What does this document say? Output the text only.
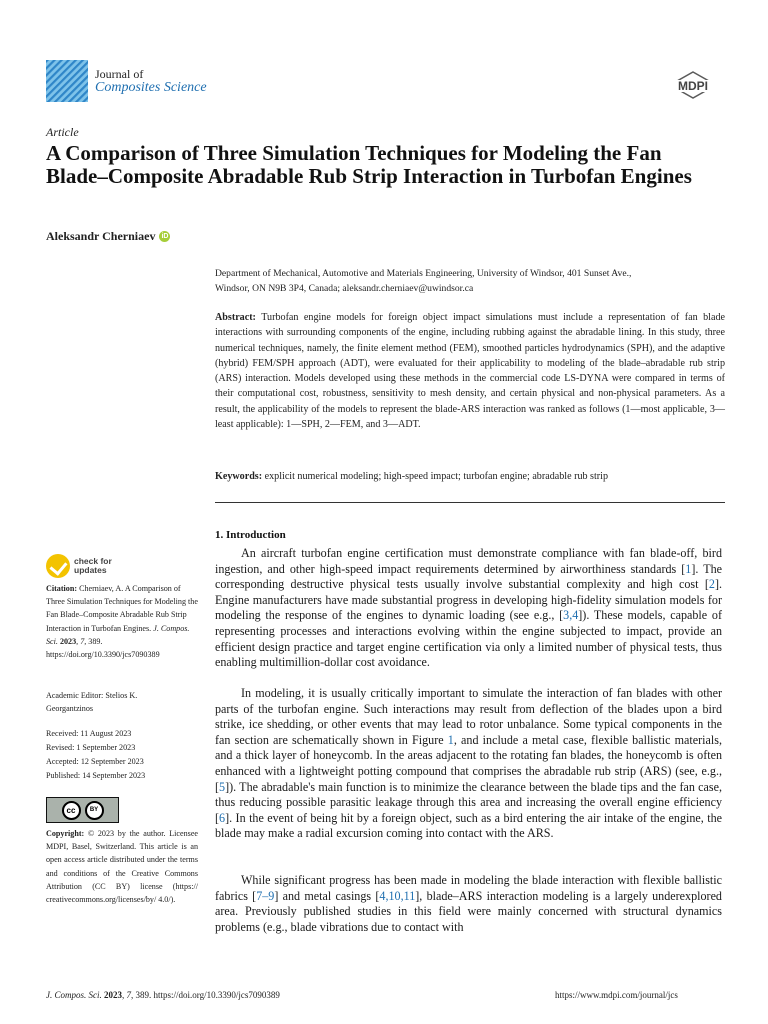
Journal of
Composites Science	MDPI
Article
A Comparison of Three Simulation Techniques for Modeling the Fan Blade–Composite Abradable Rub Strip Interaction in Turbofan Engines
Aleksandr Cherniaev iD
Department of Mechanical, Automotive and Materials Engineering, University of Windsor, 401 Sunset Ave.,
Windsor, ON N9B 3P4, Canada; aleksandr.cherniaev@uwindsor.ca
Abstract: Turbofan engine models for foreign object impact simulations must include a representation of fan blade interactions with surrounding components of the engine, including rubbing against the abradable lining. In this study, three numerical techniques, namely, the finite element method (FEM), smoothed particles hydrodynamics (SPH), and the adaptive (hybrid) FEM/SPH approach (ADT), were evaluated for their applicability to modeling of the blade–abradable rub strip (ARS) interaction. Models developed using these methods in the commercial code LS-DYNA were compared in terms of their computational cost, robustness, sensitivity to mesh density, and certain physical and non-physical parameters. As a result, the applicability of the models to represent the blade-ARS interaction was ranked as follows (1—most applicable, 3—least applicable): 1—SPH, 2—FEM, and 3—ADT.
Keywords: explicit numerical modeling; high-speed impact; turbofan engine; abradable rub strip
check for
updates
Citation: Cherniaev, A. A Comparison of Three Simulation Techniques for Modeling the Fan Blade–Composite Abradable Rub Strip Interaction in Turbofan Engines. J. Compos. Sci. 2023, 7, 389. https://doi.org/10.3390/jcs7090389
Academic Editor: Stelios K. Georgantzinos
Received: 11 August 2023
Revised: 1 September 2023
Accepted: 12 September 2023
Published: 14 September 2023
cc	BY
Copyright: © 2023 by the author. Licensee MDPI, Basel, Switzerland. This article is an open access article distributed under the terms and conditions of the Creative Commons Attribution (CC BY) license (https:// creativecommons.org/licenses/by/ 4.0/).
1. Introduction
An aircraft turbofan engine certification must demonstrate compliance with fan blade-off, bird ingestion, and other high-speed impact requirements determined by airworthiness standards [1]. The corresponding destructive physical tests usually involve substantial complexity and high cost [2]. Engine manufacturers have made substantial progress in developing high-fidelity simulation models for modeling the response of the engines to dynamic loading (see e.g., [3,4]). These models, capable of representing processes and interactions evolving within the engine subjected to impact, provide an efficient design practice and target engine certification via only a limited number of physical tests, thus enabling multimillion-dollar cost avoidance.
In modeling, it is usually critically important to simulate the interaction of fan blades with other parts of the turbofan engine. Such interactions may result from deflection of the blades upon a bird strike, ice shedding, or other events that may lead to rotor unbalance. Some typical components in the fan section are schematically shown in Figure 1, and include a metal case, flexible ballistic materials, and a thick layer of honeycomb. In the areas adjacent to the rotating fan blades, the honeycomb is often enhanced with a lightweight potting compound that comprises the abradable rub strip (ARS) (see, e.g., [5]). The abradable's main function is to minimize the clearance between the blade tips and the fan case, thus reducing possible parasitic leakage through this area and increasing the overall engine efficiency [6]. In the event of being hit by a foreign object, such as a bird entering the air intake of the engine, the blade may make a radial excursion coming into contact with the ARS.
While significant progress has been made in modeling the blade interaction with flexible ballistic fabrics [7–9] and metal casings [4,10,11], blade–ARS interaction modeling is a largely underexplored area. Previously published studies in this field were mainly concerned with structural dynamics problems (e.g., blade vibrations due to contact with
J. Compos. Sci. 2023, 7, 389. https://doi.org/10.3390/jcs7090389	https://www.mdpi.com/journal/jcs
